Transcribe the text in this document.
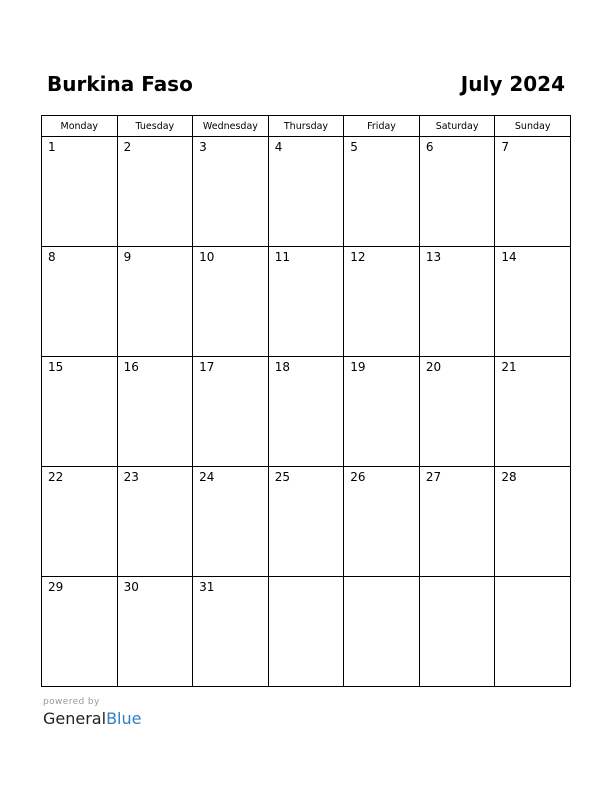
Burkina Faso	July 2024
Monday	Tuesday	Wednesday	Thursday	Friday	Saturday	Sunday

1	2	3	4	5	6	7

8	9	10	11	12	13	14

15	16	17	18	19	20	21

22	23	24	25	26	27	28

29	30	31				

powered by
GeneralBlue
